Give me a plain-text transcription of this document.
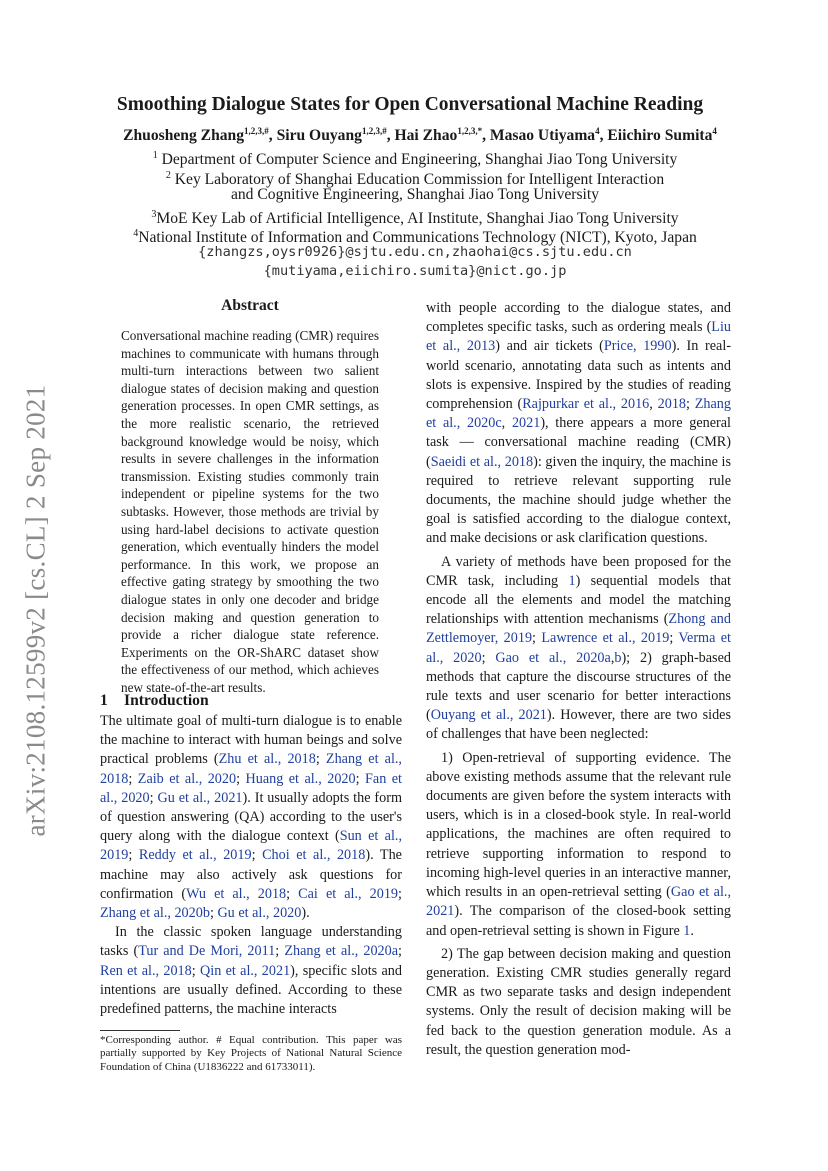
arXiv:2108.12599v2 [cs.CL] 2 Sep 2021
Smoothing Dialogue States for Open Conversational Machine Reading
Zhuosheng Zhang$^{1,2,3,\#}$, Siru Ouyang$^{1,2,3,\#}$, Hai Zhao$^{1,2,3,*}$, Masao Utiyama$^4$, Eiichiro Sumita$^4$
$^1$ Department of Computer Science and Engineering, Shanghai Jiao Tong University
$^2$ Key Laboratory of Shanghai Education Commission for Intelligent Interaction
and Cognitive Engineering, Shanghai Jiao Tong University
$^3$MoE Key Lab of Artificial Intelligence, AI Institute, Shanghai Jiao Tong University
$^4$National Institute of Information and Communications Technology (NICT), Kyoto, Japan
{zhangzs,oysr0926}@sjtu.edu.cn,zhaohai@cs.sjtu.edu.cn
{mutiyama,eiichiro.sumita}@nict.go.jp
Abstract
Conversational machine reading (CMR) requires machines to communicate with humans through multi-turn interactions between two salient dialogue states of decision making and question generation processes. In open CMR settings, as the more realistic scenario, the retrieved background knowledge would be noisy, which results in severe challenges in the information transmission. Existing studies commonly train independent or pipeline systems for the two subtasks. However, those methods are trivial by using hard-label decisions to activate question generation, which eventually hinders the model performance. In this work, we propose an effective gating strategy by smoothing the two dialogue states in only one decoder and bridge decision making and question generation to provide a richer dialogue state reference. Experiments on the OR-ShARC dataset show the effectiveness of our method, which achieves new state-of-the-art results.
1 Introduction

The ultimate goal of multi-turn dialogue is to enable the machine to interact with human beings and solve practical problems (Zhu et al., 2018; Zhang et al., 2018; Zaib et al., 2020; Huang et al., 2020; Fan et al., 2020; Gu et al., 2021). It usually adopts the form of question answering (QA) according to the user's query along with the dialogue context (Sun et al., 2019; Reddy et al., 2019; Choi et al., 2018). The machine may also actively ask questions for confirmation (Wu et al., 2018; Cai et al., 2019; Zhang et al., 2020b; Gu et al., 2020).

In the classic spoken language understanding tasks (Tur and De Mori, 2011; Zhang et al., 2020a; Ren et al., 2018; Qin et al., 2021), specific slots and intentions are usually defined. According to these predefined patterns, the machine interacts

*Corresponding author. # Equal contribution. This paper was partially supported by Key Projects of National Natural Science Foundation of China (U1836222 and 61733011).

with people according to the dialogue states, and completes specific tasks, such as ordering meals (Liu et al., 2013) and air tickets (Price, 1990). In real-world scenario, annotating data such as intents and slots is expensive. Inspired by the studies of reading comprehension (Rajpurkar et al., 2016, 2018; Zhang et al., 2020c, 2021), there appears a more general task — conversational machine reading (CMR) (Saeidi et al., 2018): given the inquiry, the machine is required to retrieve relevant supporting rule documents, the machine should judge whether the goal is satisfied according to the dialogue context, and make decisions or ask clarification questions.

A variety of methods have been proposed for the CMR task, including 1) sequential models that encode all the elements and model the matching relationships with attention mechanisms (Zhong and Zettlemoyer, 2019; Lawrence et al., 2019; Verma et al., 2020; Gao et al., 2020a,b); 2) graph-based methods that capture the discourse structures of the rule texts and user scenario for better interactions (Ouyang et al., 2021). However, there are two sides of challenges that have been neglected:

1) Open-retrieval of supporting evidence. The above existing methods assume that the relevant rule documents are given before the system interacts with users, which is in a closed-book style. In real-world applications, the machines are often required to retrieve supporting information to respond to incoming high-level queries in an interactive manner, which results in an open-retrieval setting (Gao et al., 2021). The comparison of the closed-book setting and open-retrieval setting is shown in Figure 1.

2) The gap between decision making and question generation. Existing CMR studies generally regard CMR as two separate tasks and design independent systems. Only the result of decision making will be fed back to the question generation module. As a result, the question generation mod-
